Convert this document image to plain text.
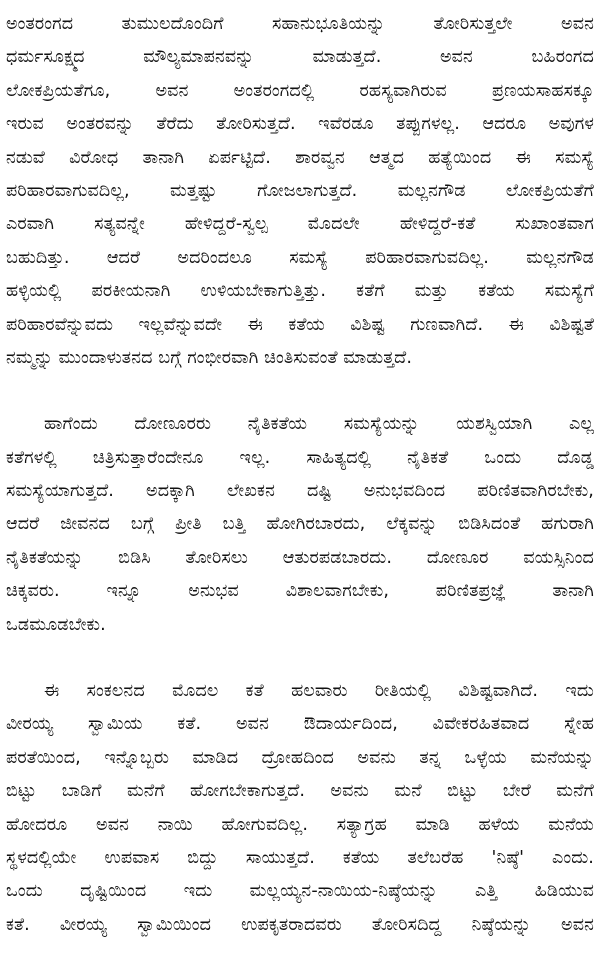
ಅಂತರಂಗದ ತುಮುಲದೊಂದಿಗೆ ಸಹಾನುಭೂತಿಯನ್ನು ತೋರಿಸುತ್ತಲೇ ಅವನ
ಧರ್ಮಸೂಕ್ಷ್ಮದ ಮೌಲ್ಯಮಾಪನವನ್ನು ಮಾಡುತ್ತದೆ. ಅವನ ಬಹಿರಂಗದ
ಲೋಕಪ್ರಿಯತೆಗೂ, ಅವನ ಅಂತರಂಗದಲ್ಲಿ ರಹಸ್ಯವಾಗಿರುವ ಪ್ರಣಯಸಾಹಸಕ್ಕೂ
ಇರುವ ಅಂತರವನ್ನು ತೆರೆದು ತೋರಿಸುತ್ತದೆ. ಇವೆರಡೂ ತಪ್ಪುಗಳಲ್ಲ. ಆದರೂ ಅವುಗಳ
ನಡುವೆ ವಿರೋಧ ತಾನಾಗಿ ಏರ್ಪಟ್ಟಿದೆ. ಶಾರವ್ವನ ಆತ್ಮದ ಹತ್ಯೆಯಿಂದ ಈ ಸಮಸ್ಯೆ
ಪರಿಹಾರವಾಗುವದಿಲ್ಲ, ಮತ್ತಷ್ಟು ಗೋಜಲಾಗುತ್ತದೆ. ಮಲ್ಲನಗೌಡ ಲೋಕಪ್ರಿಯತೆಗೆ
ಎರವಾಗಿ ಸತ್ಯವನ್ನೇ ಹೇಳಿದ್ದರೆ-ಸ್ವಲ್ಪ ಮೊದಲೇ ಹೇಳಿದ್ದರೆ-ಕತೆ ಸುಖಾಂತವಾಗ
ಬಹುದಿತ್ತು. ಆದರೆ ಅದರಿಂದಲೂ ಸಮಸ್ಯೆ ಪರಿಹಾರವಾಗುವದಿಲ್ಲ. ಮಲ್ಲನಗೌಡ
ಹಳ್ಳಿಯಲ್ಲಿ ಪರಕೀಯನಾಗಿ ಉಳಿಯಬೇಕಾಗುತ್ತಿತ್ತು. ಕತೆಗೆ ಮತ್ತು ಕತೆಯ ಸಮಸ್ಯೆಗೆ
ಪರಿಹಾರವೆನ್ನುವದು ಇಲ್ಲವೆನ್ನುವದೇ ಈ ಕತೆಯ ವಿಶಿಷ್ಟ ಗುಣವಾಗಿದೆ. ಈ ವಿಶಿಷ್ಟತೆ
ನಮ್ಮನ್ನು ಮುಂದಾಳುತನದ ಬಗ್ಗೆ ಗಂಭೀರವಾಗಿ ಚಿಂತಿಸುವಂತೆ ಮಾಡುತ್ತದೆ.
ಹಾಗೆಂದು ದೋಣೂರರು ನೈತಿಕತೆಯ ಸಮಸ್ಯೆಯನ್ನು ಯಶಸ್ವಿಯಾಗಿ ಎಲ್ಲ
ಕತೆಗಳಲ್ಲಿ ಚಿತ್ರಿಸುತ್ತಾರೆಂದೇನೂ ಇಲ್ಲ. ಸಾಹಿತ್ಯದಲ್ಲಿ ನೈತಿಕತೆ ಒಂದು ದೊಡ್ಡ
ಸಮಸ್ಯೆಯಾಗುತ್ತದೆ. ಅದಕ್ಕಾಗಿ ಲೇಖಕನ ದಷ್ಟಿ ಅನುಭವದಿಂದ ಪರಿಣಿತವಾಗಿರಬೇಕು,
ಆದರೆ ಜೀವನದ ಬಗ್ಗೆ ಪ್ರೀತಿ ಬತ್ತಿ ಹೋಗಿರಬಾರದು, ಲೆಕ್ಕವನ್ನು ಬಿಡಿಸಿದಂತೆ ಹಗುರಾಗಿ
ನೈತಿಕತೆಯನ್ನು ಬಿಡಿಸಿ ತೋರಿಸಲು ಆತುರಪಡಬಾರದು. ದೋಣೂರ ವಯಸ್ಸಿನಿಂದ
ಚಿಕ್ಕವರು. ಇನ್ನೂ ಅನುಭವ ವಿಶಾಲವಾಗಬೇಕು, ಪರಿಣಿತಪ್ರಜ್ಞೆ ತಾನಾಗಿ
ಒಡಮೂಡಬೇಕು.
ಈ ಸಂಕಲನದ ಮೊದಲ ಕತೆ ಹಲವಾರು ರೀತಿಯಲ್ಲಿ ವಿಶಿಷ್ಟವಾಗಿದೆ. ಇದು
ವೀರಯ್ಯ ಸ್ವಾಮಿಯ ಕತೆ. ಅವನ ಔದಾರ್ಯದಿಂದ, ವಿವೇಕರಹಿತವಾದ ಸ್ನೇಹ
ಪರತೆಯಿಂದ, ಇನ್ನೊಬ್ಬರು ಮಾಡಿದ ದ್ರೋಹದಿಂದ ಅವನು ತನ್ನ ಒಳ್ಳೆಯ ಮನೆಯನ್ನು
ಬಿಟ್ಟು ಬಾಡಿಗೆ ಮನೆಗೆ ಹೋಗಬೇಕಾಗುತ್ತದೆ. ಅವನು ಮನೆ ಬಿಟ್ಟು ಬೇರೆ ಮನೆಗೆ
ಹೋದರೂ ಅವನ ನಾಯಿ ಹೋಗುವದಿಲ್ಲ. ಸತ್ಯಾಗ್ರಹ ಮಾಡಿ ಹಳೆಯ ಮನೆಯ
ಸ್ಥಳದಲ್ಲಿಯೇ ಉಪವಾಸ ಬಿದ್ದು ಸಾಯುತ್ತದೆ. ಕತೆಯ ತಲೆಬರೆಹ 'ನಿಷ್ಠೆ' ಎಂದು.
ಒಂದು ದೃಷ್ಟಿಯಿಂದ ಇದು ಮಲ್ಲಯ್ಯನ-ನಾಯಿಯ-ನಿಷ್ಠೆಯನ್ನು ಎತ್ತಿ ಹಿಡಿಯುವ
ಕತೆ. ವೀರಯ್ಯ ಸ್ವಾಮಿಯಿಂದ ಉಪಕೃತರಾದವರು ತೋರಿಸದಿದ್ದ ನಿಷ್ಠೆಯನ್ನು ಅವನ
